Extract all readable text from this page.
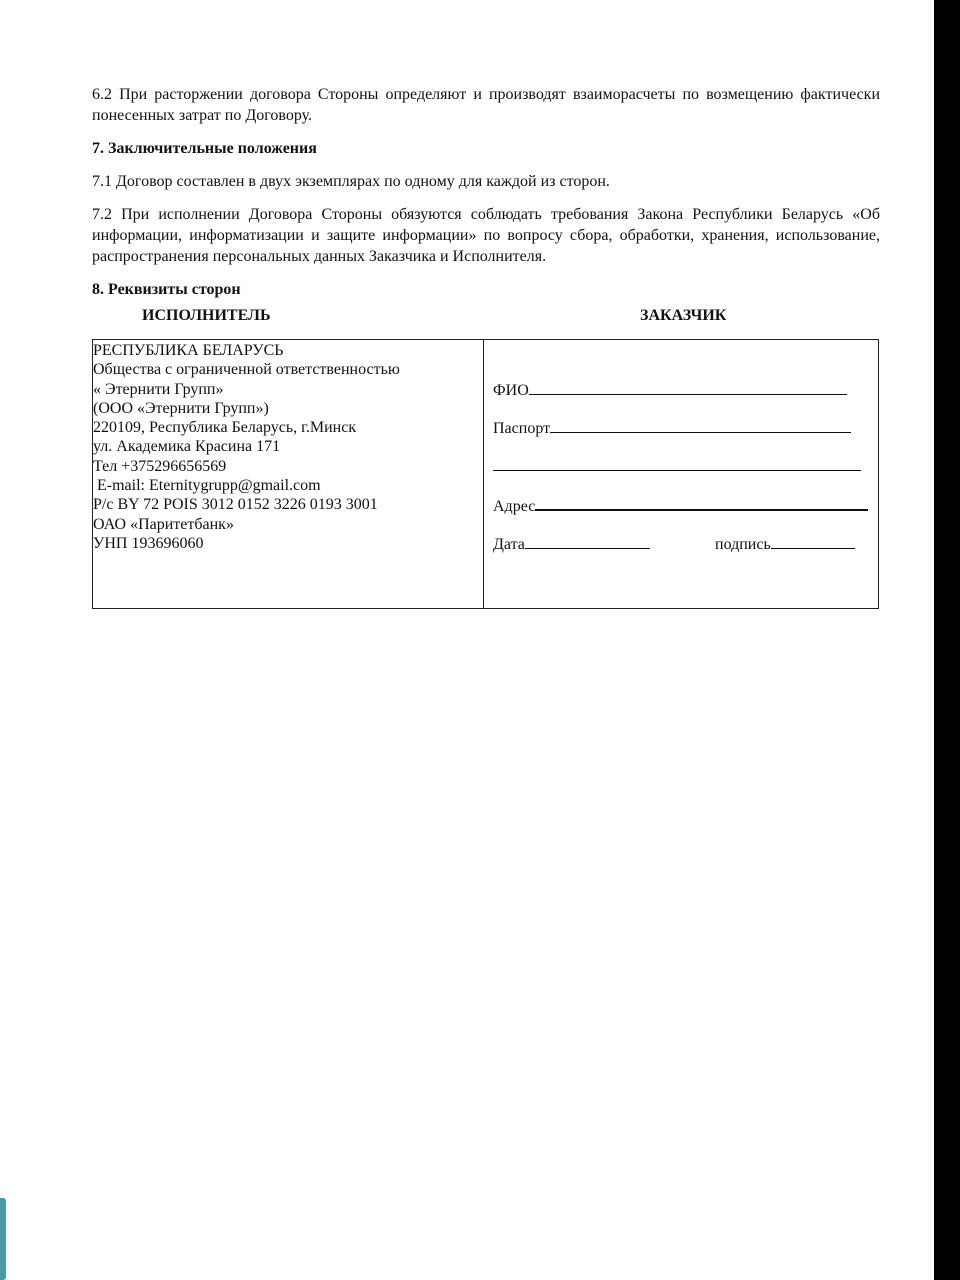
6.2 При расторжении договора Стороны определяют и производят взаиморасчеты по возмещению фактически понесенных затрат по Договору.

7. Заключительные положения

7.1 Договор составлен в двух экземплярах по одному для каждой из сторон.

7.2 При исполнении Договора Стороны обязуются соблюдать требования Закона Республики Беларусь «Об информации, информатизации и защите информации» по вопросу сбора, обработки, хранения, использование, распространения персональных данных Заказчика и Исполнителя.

8. Реквизиты сторон

ИСПОЛНИТЕЛЬ	ЗАКАЗЧИК
РЕСПУБЛИКА БЕЛАРУСЬ
Общества с ограниченной ответственностью
« Этернити Групп»
(ООО «Этернити Групп»)
220109, Республика Беларусь, г.Минск
ул. Академика Красина 171
Тел +375296656569
E-mail: Eternitygrupp@gmail.com
Р/с BY 72 POIS 3012 0152 3226 0193 3001
ОАО «Паритетбанк»
УНП 193696060
ФИО
Паспорт
Адрес
Дата	подпись
